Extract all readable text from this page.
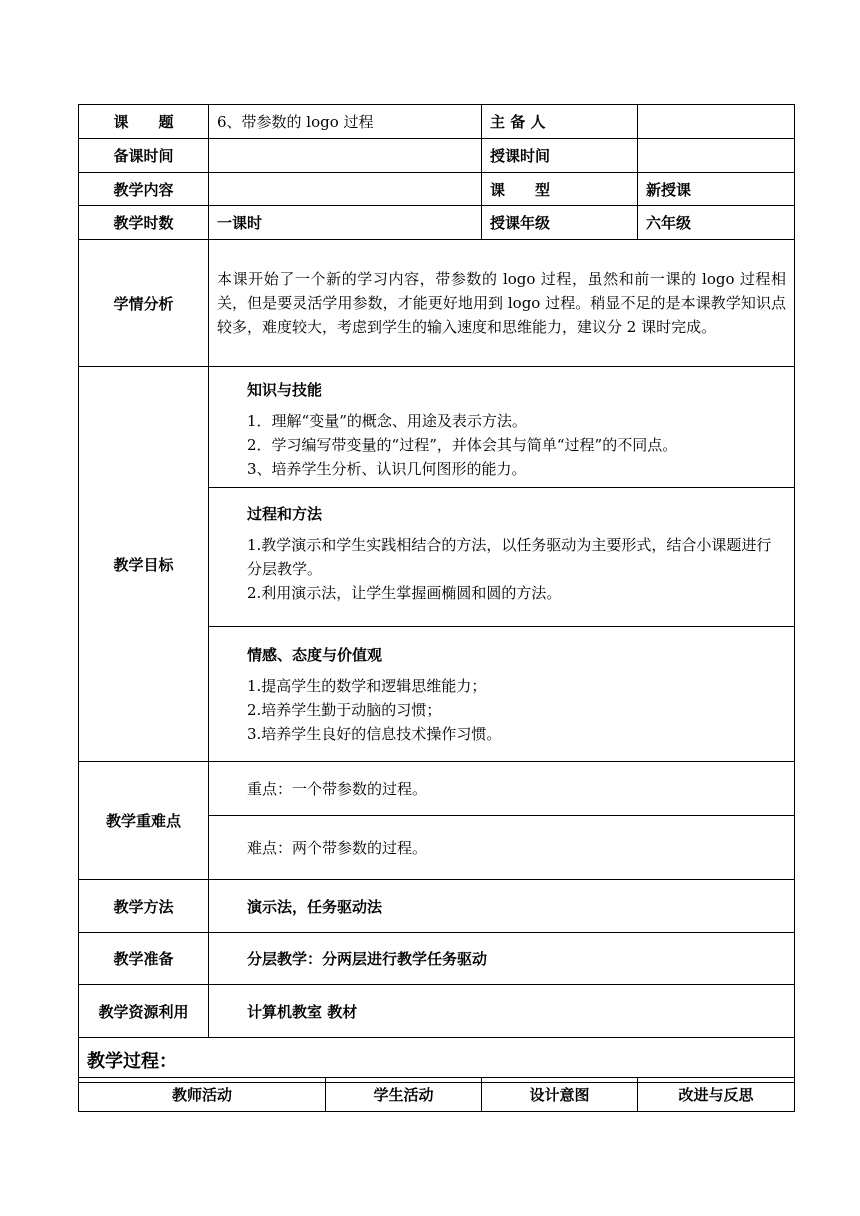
课　　题	6、带参数的 logo 过程	主 备 人	
备课时间		授课时间	
教学内容		课　　型	新授课
教学时数	一课时	授课年级	六年级
学情分析	本课开始了一个新的学习内容，带参数的 logo 过程，虽然和前一课的 logo 过程相关，但是要灵活学用参数，才能更好地用到 logo 过程。稍显不足的是本课教学知识点较多，难度较大，考虑到学生的输入速度和思维能力，建议分 2 课时完成。		
教学目标	知识与技能

1．理解“变量”的概念、用途及表示方法。

2．学习编写带变量的“过程”，并体会其与简单“过程”的不同点。

3、培养学生分析、认识几何图形的能力。		

	过程和方法

1.教学演示和学生实践相结合的方法，以任务驱动为主要形式，结合小课题进行分层教学。

2.利用演示法，让学生掌握画椭圆和圆的方法。		

	情感、态度与价值观

1.提高学生的数学和逻辑思维能力；

2.培养学生勤于动脑的习惯；

3.培养学生良好的信息技术操作习惯。		

教学重难点	重点：一个带参数的过程。		
	难点：两个带参数的过程。		
教学方法	演示法，任务驱动法		
教学准备	分层教学：分两层进行教学任务驱动		
教学资源利用	计算机教室 教材		
教学过程：			
教师活动	学生活动	设计意图	改进与反思
